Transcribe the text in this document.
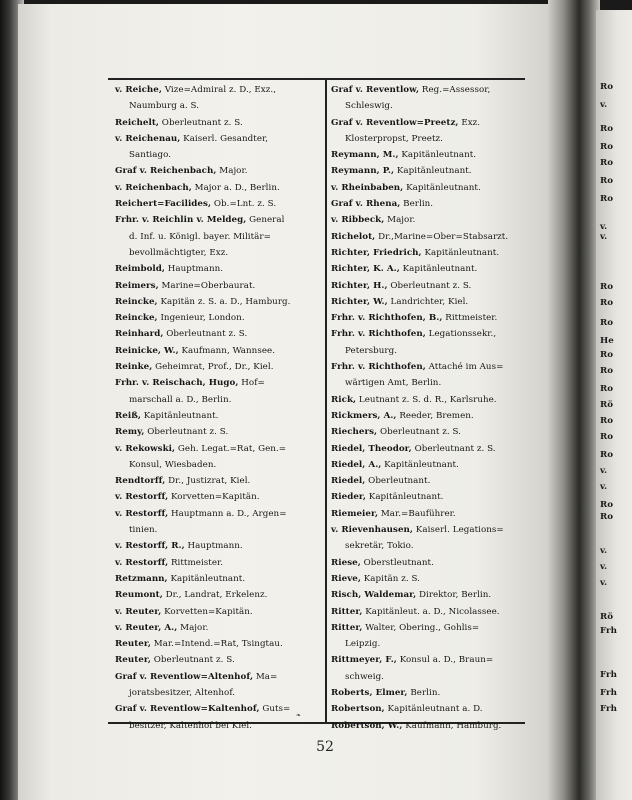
Ro
v.
Ro
Ro
Ro
Ro
Ro
v.
v.
Ro
Ro
Ro
He
Ro
Ro
Ro
Rö
Ro
Ro
Ro
v.
v.
Ro
Ro
v.
v.
v.
Rö
Frh
Frh
Frh
Frh
v. Reiche, Vize=Admiral z. D., Exz.,
Naumburg a. S.
Reichelt, Oberleutnant z. S.
v. Reichenau, Kaiserl. Gesandter,
Santiago.
Graf v. Reichenbach, Major.
v. Reichenbach, Major a. D., Berlin.
Reichert=Facilides, Ob.=Lnt. z. S.
Frhr. v. Reichlin v. Meldeg, General
d. Inf. u. Königl. bayer. Militär=
bevollmächtigter, Exz.
Reimbold, Hauptmann.
Reimers, Marine=Oberbaurat.
Reincke, Kapitän z. S. a. D., Hamburg.
Reincke, Ingenieur, London.
Reinhard, Oberleutnant z. S.
Reinicke, W., Kaufmann, Wannsee.
Reinke, Geheimrat, Prof., Dr., Kiel.
Frhr. v. Reischach, Hugo, Hof=
marschall a. D., Berlin.
Reiß, Kapitänleutnant.
Remy, Oberleutnant z. S.
v. Rekowski, Geh. Legat.=Rat, Gen.=
Konsul, Wiesbaden.
Rendtorff, Dr., Justizrat, Kiel.
v. Restorff, Korvetten=Kapitän.
v. Restorff, Hauptmann a. D., Argen=
tinien.
v. Restorff, R., Hauptmann.
v. Restorff, Rittmeister.
Retzmann, Kapitänleutnant.
Reumont, Dr., Landrat, Erkelenz.
v. Reuter, Korvetten=Kapitän.
v. Reuter, A., Major.
Reuter, Mar.=Intend.=Rat, Tsingtau.
Reuter, Oberleutnant z. S.
Graf v. Reventlow=Altenhof, Ma=
joratsbesitzer, Altenhof.
Graf v. Reventlow=Kaltenhof, Guts=
besitzer, Kaltenhof bei Kiel.
Graf v. Reventlow, Reg.=Assessor,
Schleswig.
Graf v. Reventlow=Preetz, Exz.
Klosterpropst, Preetz.
Reymann, M., Kapitänleutnant.
Reymann, P., Kapitänleutnant.
v. Rheinbaben, Kapitänleutnant.
Graf v. Rhena, Berlin.
v. Ribbeck, Major.
Richelot, Dr.,Marine=Ober=Stabsarzt.
Richter, Friedrich, Kapitänleutnant.
Richter, K. A., Kapitänleutnant.
Richter, H., Oberleutnant z. S.
Richter, W., Landrichter, Kiel.
Frhr. v. Richthofen, B., Rittmeister.
Frhr. v. Richthofen, Legationssekr.,
Petersburg.
Frhr. v. Richthofen, Attaché im Aus=
wärtigen Amt, Berlin.
Rick, Leutnant z. S. d. R., Karlsruhe.
Rickmers, A., Reeder, Bremen.
Riechers, Oberleutnant z. S.
Riedel, Theodor, Oberleutnant z. S.
Riedel, A., Kapitänleutnant.
Riedel, Oberleutnant.
Rieder, Kapitänleutnant.
Riemeier, Mar.=Bauführer.
v. Rievenhausen, Kaiserl. Legations=
sekretär, Tokio.
Riese, Oberstleutnant.
Rieve, Kapitän z. S.
Risch, Waldemar, Direktor, Berlin.
Ritter, Kapitänleut. a. D., Nicolassee.
Ritter, Walter, Obering., Gohlis=
Leipzig.
Rittmeyer, F., Konsul a. D., Braun=
schweig.
Roberts, Elmer, Berlin.
Robertson, Kapitänleutnant a. D.
Robertson, W., Kaufmann, Hamburg.
❧
52
